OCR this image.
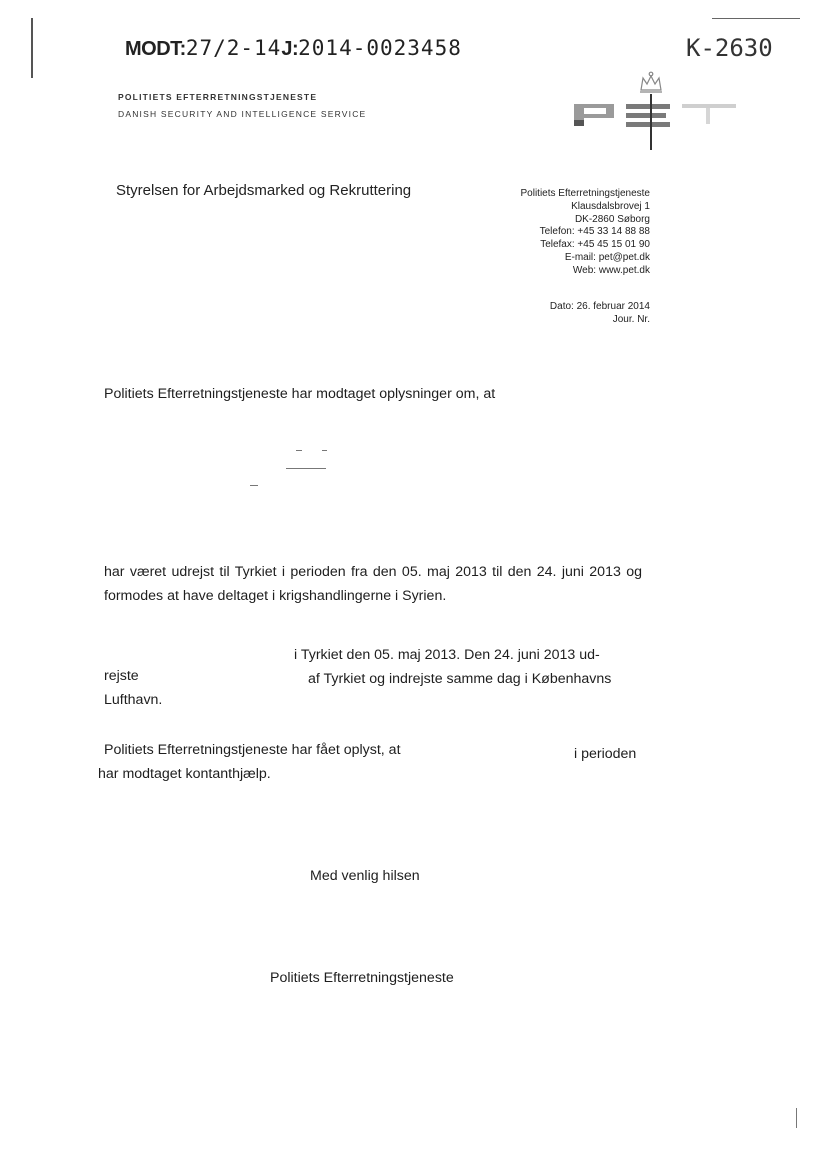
MODT:27/2-14J:2014-0023458	K-2630
POLITIETS EFTERRETNINGSTJENESTE
DANISH SECURITY AND INTELLIGENCE SERVICE
Styrelsen for Arbejdsmarked og Rekruttering	Politiets Efterretningstjeneste
Klausdalsbrovej 1
DK-2860 Søborg
Telefon: +45 33 14 88 88
Telefax: +45 45 15 01 90
E-mail: pet@pet.dk
Web: www.pet.dk
Dato: 26. februar 2014
Jour. Nr.
Politiets Efterretningstjeneste har modtaget oplysninger om, at
har været udrejst til Tyrkiet i perioden fra den 05. maj 2013 til den 24. juni 2013 og formodes at have deltaget i krigshandlingerne i Syrien.
i Tyrkiet den 05. maj 2013. Den 24. juni 2013 ud-
rejste	af Tyrkiet og indrejste samme dag i Københavns
Lufthavn.
Politiets Efterretningstjeneste har fået oplyst, at	i perioden
har modtaget kontanthjælp.
Med venlig hilsen
Politiets Efterretningstjeneste
